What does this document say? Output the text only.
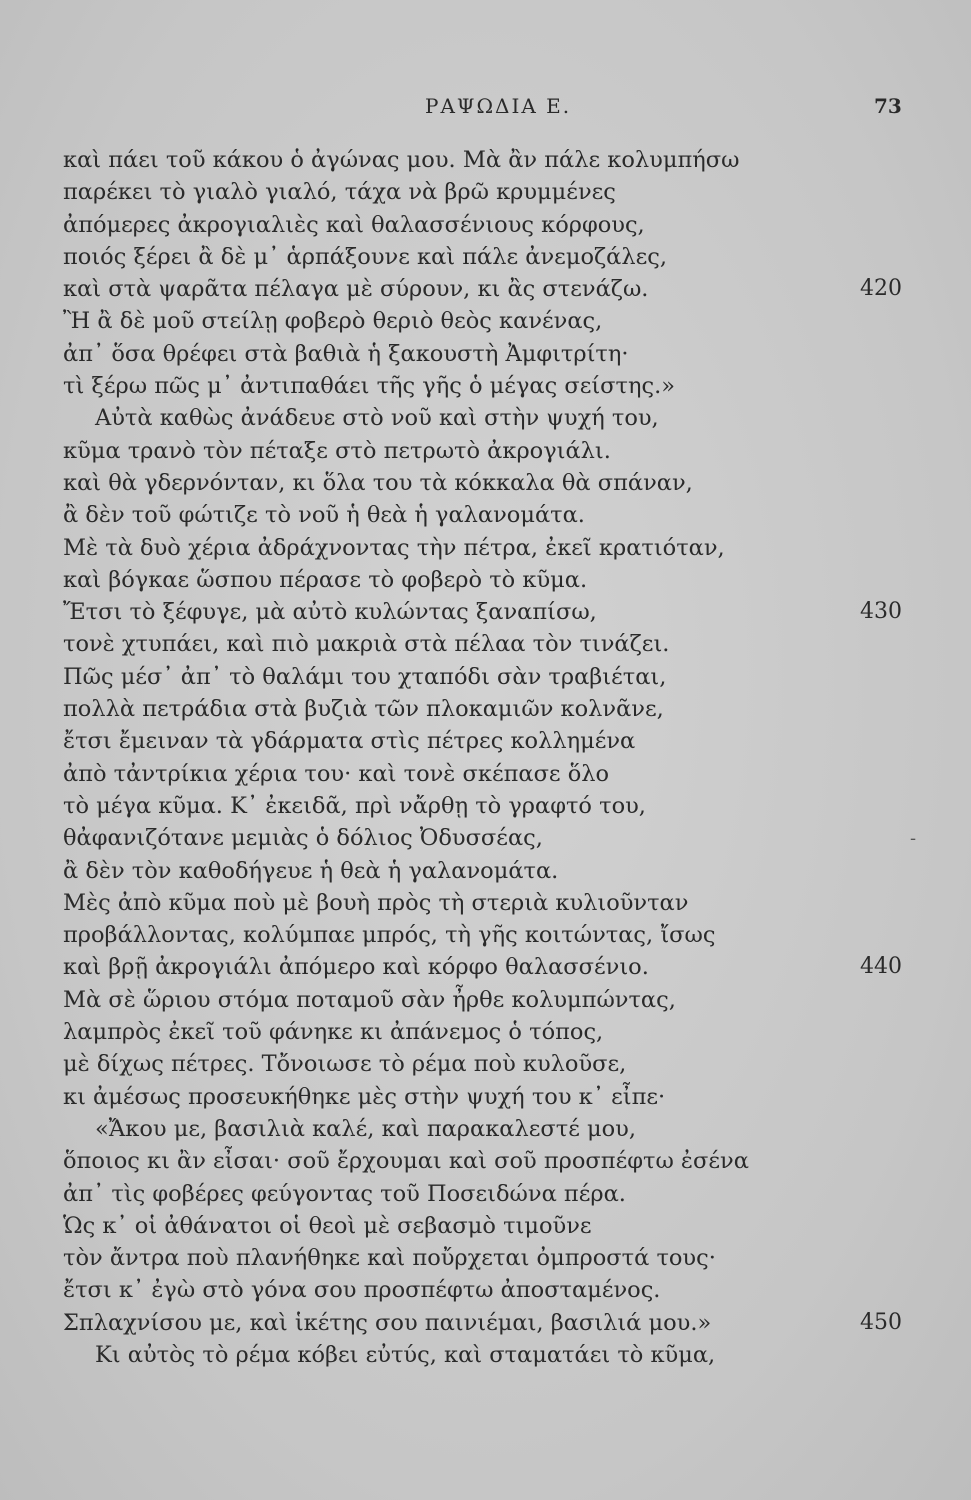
ΡΑΨΩΔΙΑ Ε.	73
καὶ πάει τοῦ κάκου ὁ ἀγώνας μου. Μὰ ἂν πάλε κολυμπήσω
παρέκει τὸ γιαλὸ γιαλό, τάχα νὰ βρῶ κρυμμένες
ἀπόμερες ἀκρογιαλιὲς καὶ θαλασσένιους κόρφους,
ποιός ξέρει ἂ δὲ μ᾽ ἁρπάξουνε καὶ πάλε ἀνεμοζάλες,
καὶ στὰ ψαρᾶτα πέλαγα μὲ σύρουν, κι ἂς στενάζω.	420
Ἢ ἂ δὲ μοῦ στείλῃ φοβερὸ θεριὸ θεὸς κανένας,
ἀπ᾽ ὅσα θρέφει στὰ βαθιὰ ἡ ξακουστὴ Ἀμφιτρίτη·
τὶ ξέρω πῶς μ᾽ ἀντιπαθάει τῆς γῆς ὁ μέγας σείστης.»
Αὐτὰ καθὼς ἀνάδευε στὸ νοῦ καὶ στὴν ψυχή του,
κῦμα τρανὸ τὸν πέταξε στὸ πετρωτὸ ἀκρογιάλι.
καὶ θὰ γδερνόνταν, κι ὅλα του τὰ κόκκαλα θὰ σπάναν,
ἂ δὲν τοῦ φώτιζε τὸ νοῦ ἡ θεὰ ἡ γαλανομάτα.
Μὲ τὰ δυὸ χέρια ἀδράχνοντας τὴν πέτρα, ἐκεῖ κρατιόταν,
καὶ βόγκαε ὥσπου πέρασε τὸ φοβερὸ τὸ κῦμα.
Ἔτσι τὸ ξέφυγε, μὰ αὐτὸ κυλώντας ξαναπίσω,	430
τονὲ χτυπάει, καὶ πιὸ μακριὰ στὰ πέλαα τὸν τινάζει.
Πῶς μέσ᾽ ἀπ᾽ τὸ θαλάμι του χταπόδι σὰν τραβιέται,
πολλὰ πετράδια στὰ βυζιὰ τῶν πλοκαμιῶν κολνᾶνε,
ἔτσι ἔμειναν τὰ γδάρματα στὶς πέτρες κολλημένα
ἀπὸ τἀντρίκια χέρια του· καὶ τονὲ σκέπασε ὅλο
τὸ μέγα κῦμα. Κ᾽ ἐκειδᾶ, πρὶ νἄρθῃ τὸ γραφτό του,
θἀφανιζότανε μεμιὰς ὁ δόλιος Ὀδυσσέας,
ἂ δὲν τὸν καθοδήγευε ἡ θεὰ ἡ γαλανομάτα.
Μὲς ἀπὸ κῦμα ποὺ μὲ βουὴ πρὸς τὴ στεριὰ κυλιοῦνταν
προβάλλοντας, κολύμπαε μπρός, τὴ γῆς κοιτώντας, ἴσως
καὶ βρῇ ἀκρογιάλι ἀπόμερο καὶ κόρφο θαλασσένιο.	440
Μὰ σὲ ὥριου στόμα ποταμοῦ σὰν ἦρθε κολυμπώντας,
λαμπρὸς ἐκεῖ τοῦ φάνηκε κι ἀπάνεμος ὁ τόπος,
μὲ δίχως πέτρες. Τὄνοιωσε τὸ ρέμα ποὺ κυλοῦσε,
κι ἀμέσως προσευκήθηκε μὲς στὴν ψυχή του κ᾽ εἶπε·
«Ἄκου με, βασιλιὰ καλέ, καὶ παρακαλεστέ μου,
ὅποιος κι ἂν εἶσαι· σοῦ ἔρχουμαι καὶ σοῦ προσπέφτω ἐσένα
ἀπ᾽ τὶς φοβέρες φεύγοντας τοῦ Ποσειδώνα πέρα.
Ὡς κ᾽ οἱ ἀθάνατοι οἱ θεοὶ μὲ σεβασμὸ τιμοῦνε
τὸν ἄντρα ποὺ πλανήθηκε καὶ ποὔρχεται ὀμπροστά τους·
ἔτσι κ᾽ ἐγὼ στὸ γόνα σου προσπέφτω ἀποσταμένος.
Σπλαχνίσου με, καὶ ἱκέτης σου παινιέμαι, βασιλιά μου.»	450
Κι αὐτὸς τὸ ρέμα κόβει εὐτύς, καὶ σταματάει τὸ κῦμα,
-
